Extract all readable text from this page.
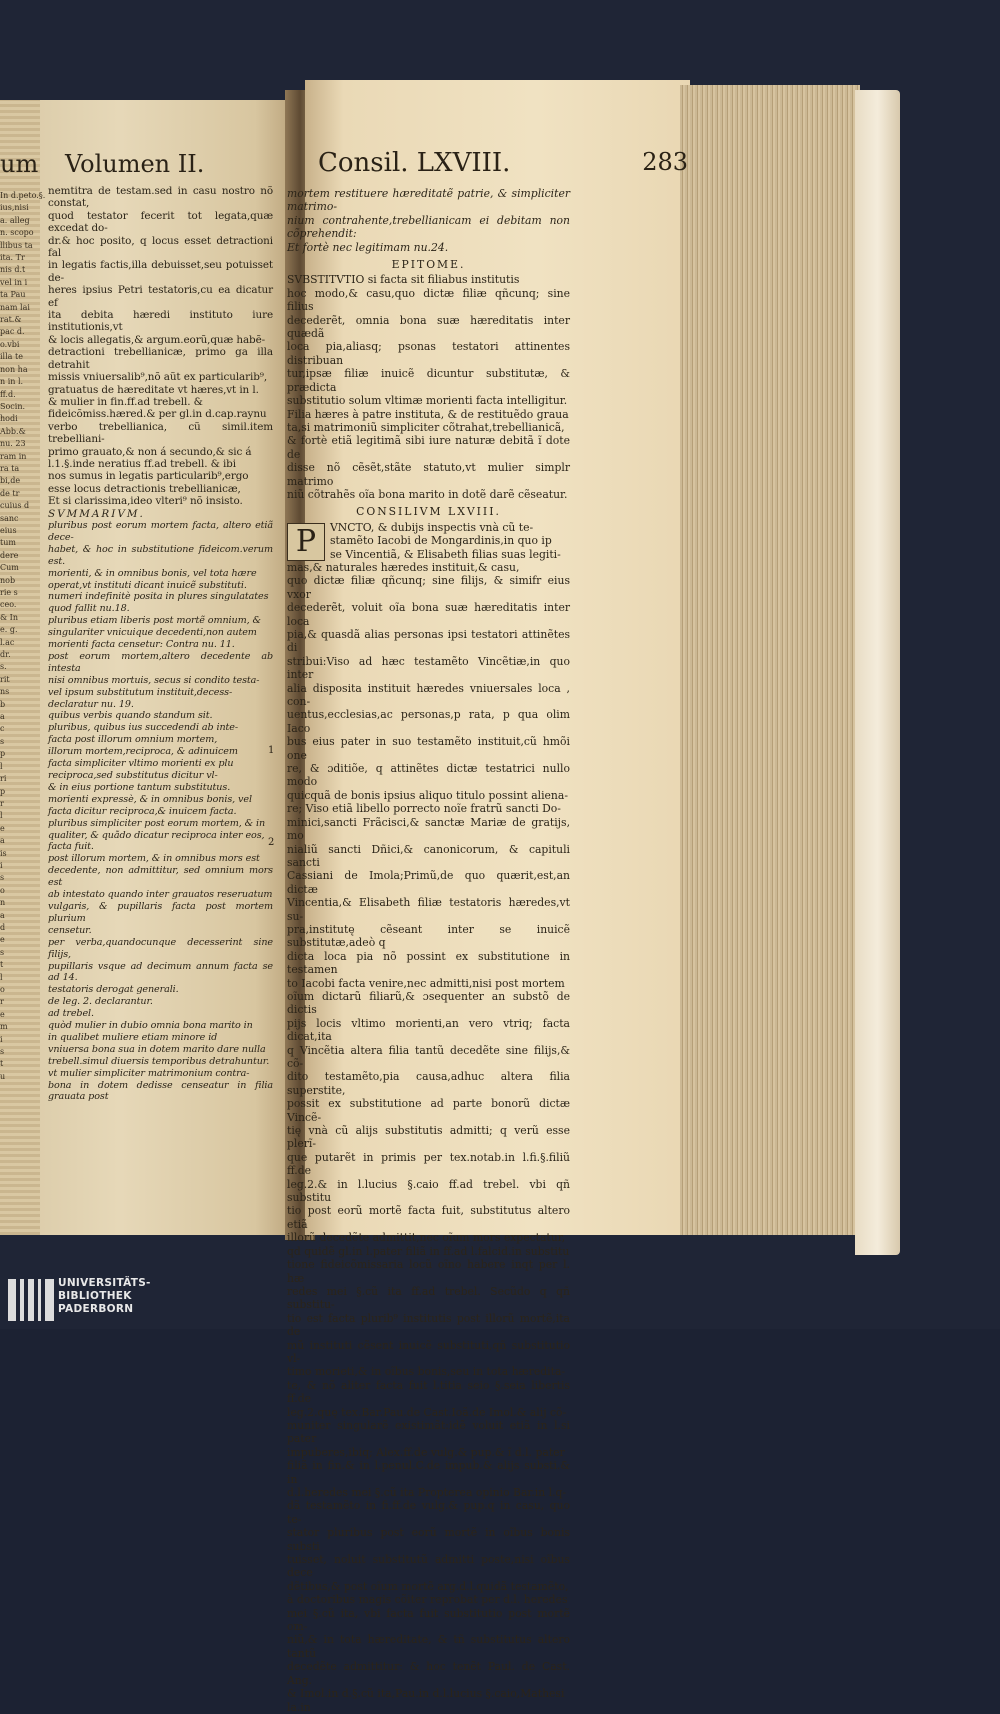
um Volumen II.
In d.peto.§.
ius,nisi
a. alleg
n. scopo
llibus ta
ita. Tr
nis d.t
vel in i
ta Pau
nam lai
rat.&
pac d.
o.vbi
illa te
non ha
n in l.
ff.d.
Socin.
hodi
Abb.&
nu. 23
ram in
ra ta
bi,de
de tr
cuius d
sanc
eius
tum
dere
Cum
nob
rie s
ceo.
& In
e. g.
l.ac
dr.
s.
rit
ns
b
a
c
s
p
l
ri
p
r
l
e
a
is
i
s
o
n
a
d
e
s
t
l
o
r
e
m
i
s
t
u

nemtitra de testam.sed in casu nostro nõ constat,

quod testator fecerit tot legata,quæ excedat do-

dr.& hoc posito, q locus esset detractioni fal

in legatis factis,illa debuisset,seu potuisset de-

heres ipsius Petri testatoris,cu ea dicatur ef

ita debita hæredi instituto iure institutionis,vt

& locis allegatis,& argum.eorũ,quæ habẽ-

detractioni trebellianicæ, primo ga illa detrahit

missis vniuersalib⁹,nõ aũt ex particularib⁹,

gratuatus de hæreditate vt hæres,vt in l.

& mulier in fin.ff.ad trebell. &

fideicõmiss.hæred.& per gl.in d.cap.raynu

verbo trebellianica, cũ simil.item trebelliani-

primo grauato,& non á secundo,& sic á

l.1.§.inde neratius ff.ad trebell. & ibi

nos sumus in legatis particularib⁹,ergo

esse locus detractionis trebellianicæ,

Et si clarissima,ideo vlteri⁹ nõ insisto.

SVMMARIVM.

pluribus post eorum mortem facta, altero etiã dece-

habet, & hoc in substitutione fideicom.verum est.

morienti, & in omnibus bonis, vel tota hære

operat,vt instituti dicant inuicẽ substituti.

numeri indefinitè posita in plures singulatates

quod fallit nu.18.

pluribus etiam liberis post mortẽ omnium, &

singulariter vnicuique decedenti,non autem

morienti facta censetur: Contra nu. 11.

post eorum mortem,altero decedente ab intesta

nisi omnibus mortuis, secus si condito testa-

vel ipsum substitutum instituit,decess-

declaratur nu. 19.

quibus verbis quando standum sit.

pluribus, quibus ius succedendi ab inte-

facta post illorum omnium mortem,

illorum mortem,reciproca, & adinuicem

facta simpliciter vltimo morienti ex plu

reciproca,sed substitutus dicitur vl-

& in eius portione tantum substitutus.

morienti expressè, & in omnibus bonis, vel

facta dicitur reciproca,& inuicem facta.

pluribus simpliciter post eorum mortem, & in

qualiter, & quãdo dicatur reciproca inter eos,

facta fuit.

post illorum mortem, & in omnibus mors est

decedente, non admittitur, sed omnium mors est

ab intestato quando inter grauatos reseruatum

vulgaris, & pupillaris facta post mortem plurium

censetur.

per verba,quandocunque decesserint sine filijs,

pupillaris vsque ad decimum annum facta se ad 14.

testatoris derogat generali.

de leg. 2. declarantur.

ad trebel.

quòd mulier in dubio omnia bona marito in

in qualibet muliere etiam minore id

vniuersa bona sua in dotem marito dare nulla

trebell.simul diuersis temporibus detrahuntur.

vt mulier simpliciter matrimonium contra-

bona in dotem dedisse censeatur in filia grauata post

Consil. LXVIII.	283

mortem restituere hæreditatẽ patrie, & simpliciter matrimo-

nium contrahente,trebellianicam ei debitam non cõprehendit:

Et fortè nec legitimam nu.24.

EPITOME.

SVBSTITVTIO si facta sit filiabus institutis

hoc modo,& casu,quo dictæ filiæ qñcunq; sine filius

decederẽt, omnia bona suæ hæreditatis inter quædã

loca pia,aliasq; psonas testatori attinentes distribuan

tur,ipsæ filiæ inuicẽ dicuntur substitutæ, & prædicta

substitutio solum vltimæ morienti facta intelligitur.

Filia hæres à patre instituta, & de restituẽdo graua

ta,si matrimoniũ simpliciter cõtrahat,trebellianicã,

& fortè etiã legitimã sibi iure naturæ debitã ĩ dote de

disse nõ cẽsẽt,stãte statuto,vt mulier simplr matrimo

niũ cõtrahẽs oĩa bona marito in dotẽ darẽ cẽseatur.

CONSILIVM LXVIII.

P	VNCTO, & dubijs inspectis vnà cũ te-

stamẽto Iacobi de Mongardinis,in quo ip

se Vincentiã, & Elisabeth filias suas legiti-

mas,& naturales hæredes instituit,& casu,

quo dictæ filiæ qñcunq; sine filijs, & simifr eius vxor

decederẽt, voluit oĩa bona suæ hæreditatis inter loca

pia,& quasdã alias personas ipsi testatori attinẽtes di

stribui:Viso ad hæc testamẽto Vincẽtiæ,in quo inter

alia disposita instituit hæredes vniuersales loca , con-

uentus,ecclesias,ac personas,p rata, p qua olim Iaco

bus eius pater in suo testamẽto instituit,cũ hmõi one

re, & ɔditiõe, q attinẽtes dictæ testatrici nullo modo

quicquã de bonis ipsius aliquo titulo possint aliena-

re; Viso etiã libello porrecto noĩe fratrũ sancti Do-

minici,sancti Frãcisci,& sanctæ Mariæ de gratijs, mo

nialiũ sancti Dñici,& canonicorum, & capituli sancti

Cassiani de Imola;Primũ,de quo quærit,est,an dictæ

Vincentia,& Elisabeth filiæ testatoris hæredes,vt su-

pra,institutę cẽseant inter se inuicẽ substitutæ,adeò q

dicta loca pia nõ possint ex substitutione in testamen

to Iacobi facta venire,nec admitti,nisi post mortem

oĩum dictarũ filiarũ,& ɔsequenter an substõ de dictis

pijs locis vltimo morienti,an vero vtriq; facta dicat,ita

q Vincẽtia altera filia tantũ decedẽte sine filijs,& cõ-

dito testamẽto,pia causa,adhuc altera filia superstite,

possit ex substitutione ad parte bonorũ dictæ Vincẽ-

tię vnà cũ alijs substitutis admitti; q verũ esse plerĩ-

que putarẽt in primis per tex.notab.in l.fi.§.filiũ ff.de

leg.2.& in l.lucius §.caio ff.ad trebel. vbi qñ substitu

tio post eorũ mortẽ facta fuit, substitutus altero etiã

illorũ decedẽte admittit,nec oĩum mors expectatur,

qd quidẽ gl.in l.pater filiã in ff.ad l.falcid.in substitu

tione fideicõmissaria locũ oĩno habere inqt per l. hæ

redes mei §.cũ ita ff.ad trebel. Secũdo q qñ substitu-

tio est facta plurib⁹ institutis post illorũ mortẽ,ita de

mũ instituti cẽsent inuicẽ substituti,qñ substitutio vl-

timo morieti,& in oĩbus bonis,seu in tota hæredita-

te, & nõ aliter facta fuit l.titia seio §.seia libertis ff.de

leg.2.quę tex.Bar.Pau.de Cast.Ioã.de Imol.& alij cõ-

muniter singularẽ existimãt:idẽ voluit etiã in l.si pater

impuberes,ibiq; Alex.ff.de vulg.& pup.& ĩ d.l. pater

filiã in fin.& in l.penul.C.de impub.& alijs substi.& in

d.l.heredes mei §.cũ ita Propterea opinio Bar.in l.q-

dã testamẽto in fi.ff.de vulg.& pup.q in casu, quo te-

stator pluribus post eorũ mortẽ in oĩbus bonis substi

tuisset, noluit substitutũ admitti poste,nisi oĩbus dece

dẽtibus,& post oĩum mortẽ arg.d.l.quidã testamẽto,

à doctoribus magis cõiter reprobat per d.l. heredes

mei §.cũ ita, vbi facta fuit substitutio post mortẽ om-

niũ,& in tota hæreditate, & tñ substitutus altero tantũ

decedẽte admittitur: & hoc tenẽt Paul. de Cast. Ang.

& Imol.in d.§.cũ ita,Pau.in d.l.lucius §.caio,Mathesi

la.in

1
2
UNIVERSITÄTS-
BIBLIOTHEK
PADERBORN
